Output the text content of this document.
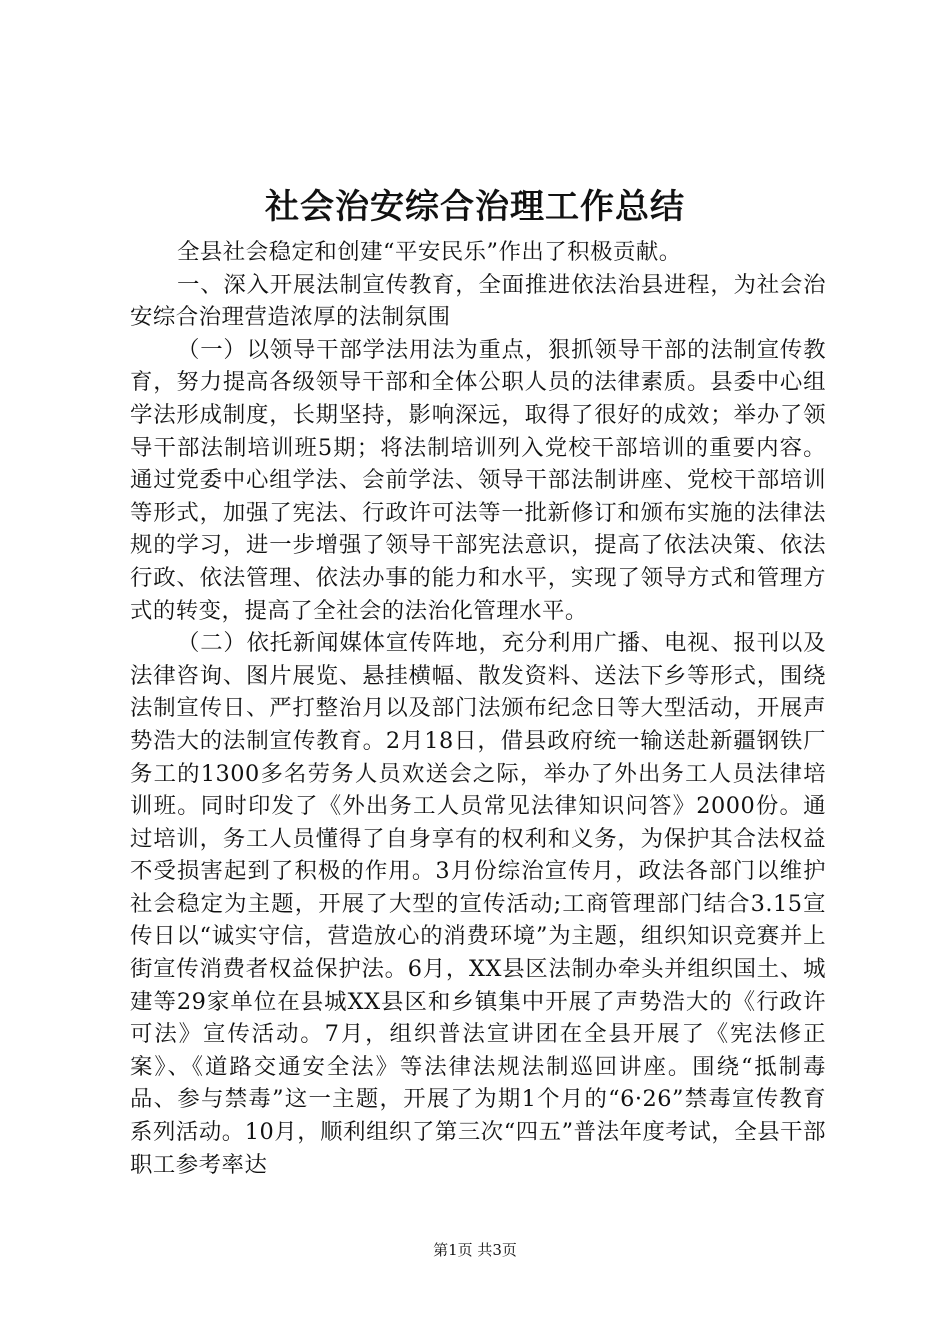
社会治安综合治理工作总结

全县社会稳定和创建“平安民乐”作出了积极贡献。

一、深入开展法制宣传教育，全面推进依法治县进程，为社会治安综合治理营造浓厚的法制氛围

（一）以领导干部学法用法为重点，狠抓领导干部的法制宣传教育，努力提高各级领导干部和全体公职人员的法律素质。县委中心组学法形成制度，长期坚持，影响深远，取得了很好的成效；举办了领导干部法制培训班5期；将法制培训列入党校干部培训的重要内容。通过党委中心组学法、会前学法、领导干部法制讲座、党校干部培训等形式，加强了宪法、行政许可法等一批新修订和颁布实施的法律法规的学习，进一步增强了领导干部宪法意识，提高了依法决策、依法行政、依法管理、依法办事的能力和水平，实现了领导方式和管理方式的转变，提高了全社会的法治化管理水平。

（二）依托新闻媒体宣传阵地，充分利用广播、电视、报刊以及法律咨询、图片展览、悬挂横幅、散发资料、送法下乡等形式，围绕法制宣传日、严打整治月以及部门法颁布纪念日等大型活动，开展声势浩大的法制宣传教育。2月18日，借县政府统一输送赴新疆钢铁厂务工的1300多名劳务人员欢送会之际，举办了外出务工人员法律培训班。同时印发了《外出务工人员常见法律知识问答》2000份。通过培训，务工人员懂得了自身享有的权利和义务，为保护其合法权益不受损害起到了积极的作用。3月份综治宣传月，政法各部门以维护社会稳定为主题，开展了大型的宣传活动;工商管理部门结合3.15宣传日以“诚实守信，营造放心的消费环境”为主题，组织知识竞赛并上街宣传消费者权益保护法。6月，XX县区法制办牵头并组织国土、城建等29家单位在县城XX县区和乡镇集中开展了声势浩大的《行政许可法》宣传活动。7月，组织普法宣讲团在全县开展了《宪法修正案》、《道路交通安全法》等法律法规法制巡回讲座。围绕“抵制毒品、参与禁毒”这一主题，开展了为期1个月的“6·26”禁毒宣传教育系列活动。10月，顺利组织了第三次“四五”普法年度考试，全县干部职工参考率达

第1页 共3页
